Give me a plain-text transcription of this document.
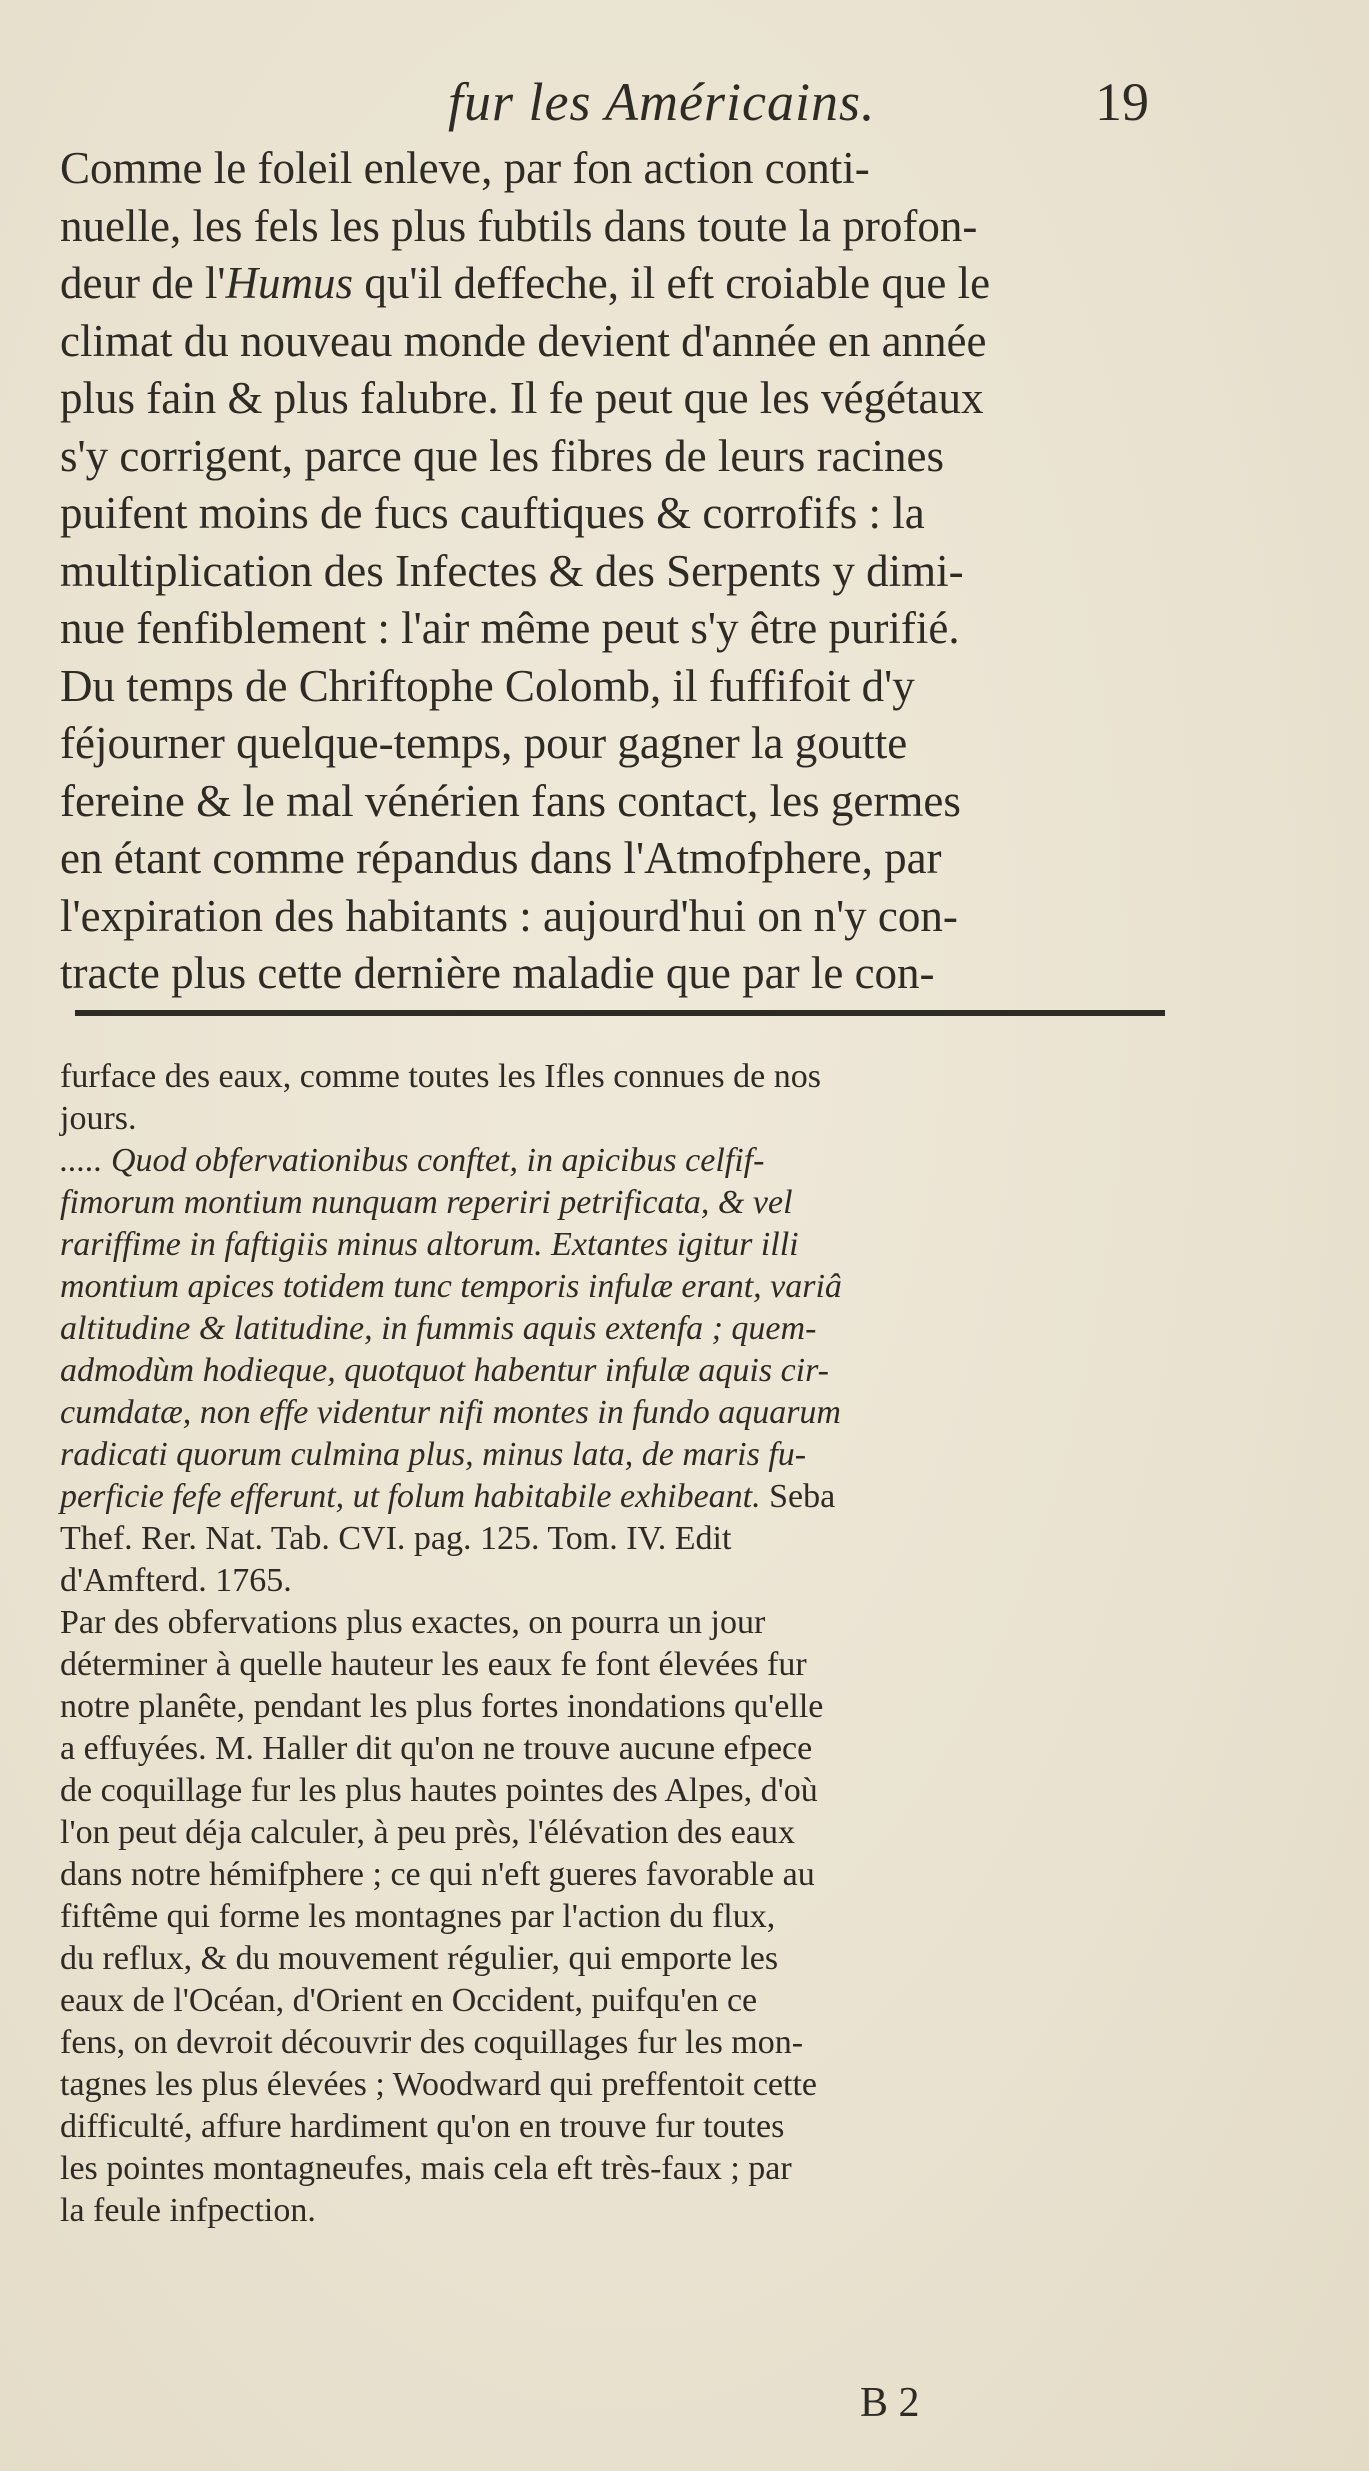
fur les Américains.	19
Comme le foleil enleve, par fon action conti-
nuelle, les fels les plus fubtils dans toute la profon-
deur de l'Humus qu'il deffeche, il eft croiable que le
climat du nouveau monde devient d'année en année
plus fain & plus falubre. Il fe peut que les végétaux
s'y corrigent, parce que les fibres de leurs racines
puifent moins de fucs cauftiques & corrofifs : la
multiplication des Infectes & des Serpents y dimi-
nue fenfiblement : l'air même peut s'y être purifié.
Du temps de Chriftophe Colomb, il fuffifoit d'y
féjourner quelque-temps, pour gagner la goutte
fereine & le mal vénérien fans contact, les germes
en étant comme répandus dans l'Atmofphere, par
l'expiration des habitants : aujourd'hui on n'y con-
tracte plus cette dernière maladie que par le con-
furface des eaux, comme toutes les Ifles connues de nos
jours.
..... Quod obfervationibus conftet, in apicibus celfif-
fimorum montium nunquam reperiri petrificata, & vel
rariffime in faftigiis minus altorum. Extantes igitur illi
montium apices totidem tunc temporis infulæ erant, variâ
altitudine & latitudine, in fummis aquis extenfa ; quem-
admodùm hodieque, quotquot habentur infulæ aquis cir-
cumdatæ, non effe videntur nifi montes in fundo aquarum
radicati quorum culmina plus, minus lata, de maris fu-
perficie fefe efferunt, ut folum habitabile exhibeant. Seba
Thef. Rer. Nat. Tab. CVI. pag. 125. Tom. IV. Edit
d'Amfterd. 1765.
Par des obfervations plus exactes, on pourra un jour
déterminer à quelle hauteur les eaux fe font élevées fur
notre planête, pendant les plus fortes inondations qu'elle
a effuyées. M. Haller dit qu'on ne trouve aucune efpece
de coquillage fur les plus hautes pointes des Alpes, d'où
l'on peut déja calculer, à peu près, l'élévation des eaux
dans notre hémifphere ; ce qui n'eft gueres favorable au
fiftême qui forme les montagnes par l'action du flux,
du reflux, & du mouvement régulier, qui emporte les
eaux de l'Océan, d'Orient en Occident, puifqu'en ce
fens, on devroit découvrir des coquillages fur les mon-
tagnes les plus élevées ; Woodward qui preffentoit cette
difficulté, affure hardiment qu'on en trouve fur toutes
les pointes montagneufes, mais cela eft très-faux ; par
la feule infpection.
B 2
